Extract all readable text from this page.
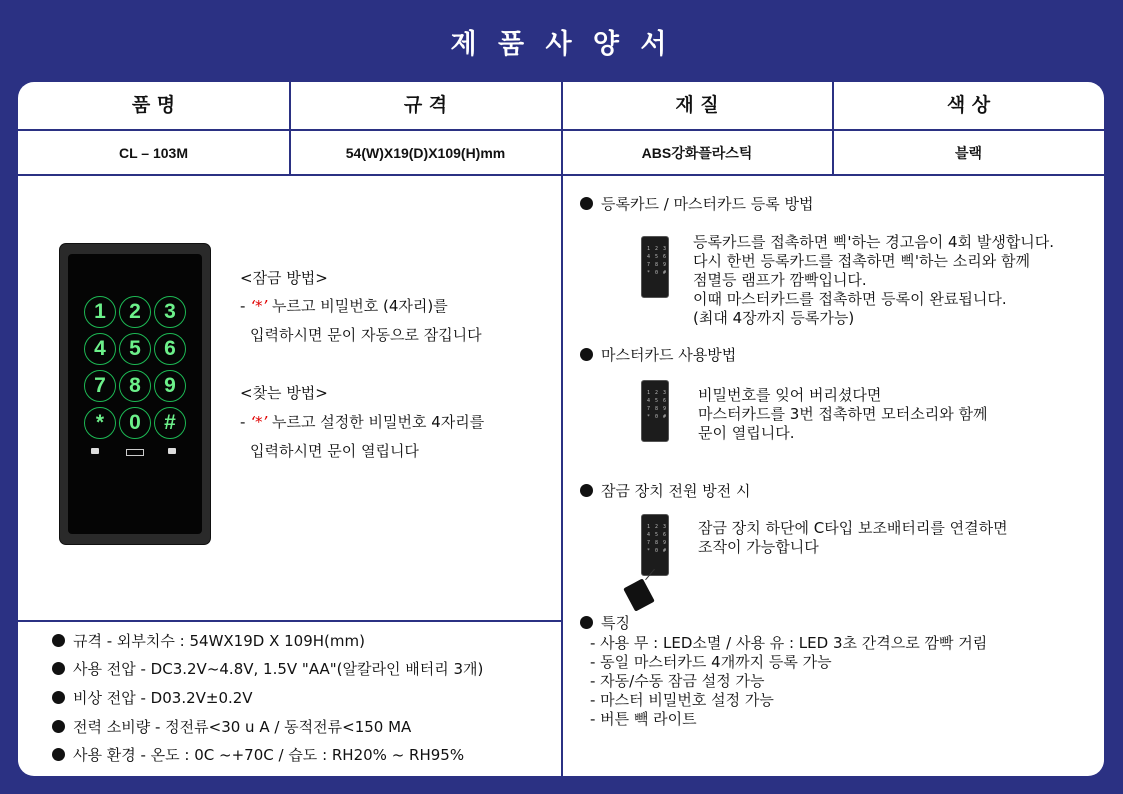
제 품 사 양 서
품 명	규 격	재 질	색 상
CL – 103M	54(W)X19(D)X109(H)mm	ABS강화플라스틱	블랙
1	2	3
4	5	6
7	8	9
*	0	#
<잠금 방법>
- ‘*’ 누르고 비밀번호 (4자리)를
입력하시면 문이 자동으로 잠깁니다
<찾는 방법>
- ‘*’ 누르고 설정한 비밀번호 4자리를
입력하시면 문이 열립니다
규격 - 외부치수 : 54WX19D X 109H(mm)
사용 전압 - DC3.2V~4.8V, 1.5V "AA"(알칼라인 배터리 3개)
비상 전압 - D03.2V±0.2V
전력 소비량 - 정전류<30 u A / 동적전류<150 MA
사용 환경 - 온도 : 0C ~+70C / 습도 : RH20% ~ RH95%
등록카드 / 마스터카드 등록 방법
1 2 3
4 5 6
7 8 9
* 0 #
등록카드를 접촉하면 삑'하는 경고음이 4회 발생합니다.
다시 한번 등록카드를 접촉하면 삑'하는 소리와 함께
점멸등 램프가 깜빡입니다.
이때 마스터카드를 접촉하면 등록이 완료됩니다.
(최대 4장까지 등록가능)
마스터카드 사용방법
1 2 3
4 5 6
7 8 9
* 0 #
비밀번호를 잊어 버리셨다면
마스터카드를 3번 접촉하면 모터소리와 함께
문이 열립니다.
잠금 장치 전원 방전 시
1 2 3
4 5 6
7 8 9
* 0 #
잠금 장치 하단에 C타입 보조배터리를 연결하면
조작이 가능합니다
특징
- 사용 무 : LED소멸 / 사용 유 : LED 3초 간격으로 깜빡 거림
- 동일 마스터카드 4개까지 등록 가능
- 자동/수동 잠금 설정 가능
- 마스터 비밀번호 설정 가능
- 버튼 빽 라이트
